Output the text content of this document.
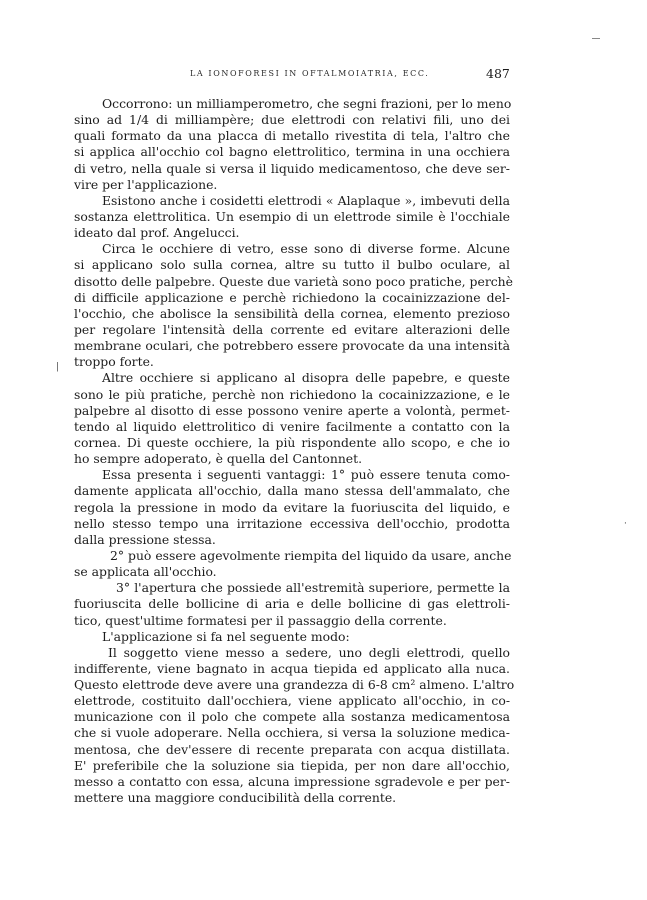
LA IONOFORESI IN OFTALMOIATRIA, ECC.	487
Occorrono: un milliamperometro, che segni frazioni, per lo meno
sino ad 1/4 di milliampère; due elettrodi con relativi fili, uno dei
quali formato da una placca di metallo rivestita di tela, l'altro che
si applica all'occhio col bagno elettrolitico, termina in una occhiera
di vetro, nella quale si versa il liquido medicamentoso, che deve ser-
vire per l'applicazione.
Esistono anche i cosidetti elettrodi « Alaplaque », imbevuti della
sostanza elettrolitica. Un esempio di un elettrode simile è l'occhiale
ideato dal prof. Angelucci.
Circa le occhiere di vetro, esse sono di diverse forme. Alcune
si applicano solo sulla cornea, altre su tutto il bulbo oculare, al
disotto delle palpebre. Queste due varietà sono poco pratiche, perchè
di difficile applicazione e perchè richiedono la cocainizzazione del-
l'occhio, che abolisce la sensibilità della cornea, elemento prezioso
per regolare l'intensità della corrente ed evitare alterazioni delle
membrane oculari, che potrebbero essere provocate da una intensità
troppo forte.
Altre occhiere si applicano al disopra delle papebre, e queste
sono le più pratiche, perchè non richiedono la cocainizzazione, e le
palpebre al disotto di esse possono venire aperte a volontà, permet-
tendo al liquido elettrolitico di venire facilmente a contatto con la
cornea. Di queste occhiere, la più rispondente allo scopo, e che io
ho sempre adoperato, è quella del Cantonnet.
Essa presenta i seguenti vantaggi: 1° può essere tenuta como-
damente applicata all'occhio, dalla mano stessa dell'ammalato, che
regola la pressione in modo da evitare la fuoriuscita del liquido, e
nello stesso tempo una irritazione eccessiva dell'occhio, prodotta
dalla pressione stessa.
2° può essere agevolmente riempita del liquido da usare, anche
se applicata all'occhio.
3° l'apertura che possiede all'estremità superiore, permette la
fuoriuscita delle bollicine di aria e delle bollicine di gas elettroli-
tico, quest'ultime formatesi per il passaggio della corrente.
L'applicazione si fa nel seguente modo:
Il soggetto viene messo a sedere, uno degli elettrodi, quello
indifferente, viene bagnato in acqua tiepida ed applicato alla nuca.
Questo elettrode deve avere una grandezza di 6-8 cm² almeno. L'altro
elettrode, costituito dall'occhiera, viene applicato all'occhio, in co-
municazione con il polo che compete alla sostanza medicamentosa
che si vuole adoperare. Nella occhiera, si versa la soluzione medica-
mentosa, che dev'essere di recente preparata con acqua distillata.
E' preferibile che la soluzione sia tiepida, per non dare all'occhio,
messo a contatto con essa, alcuna impressione sgradevole e per per-
mettere una maggiore conducibilità della corrente.
|
·
